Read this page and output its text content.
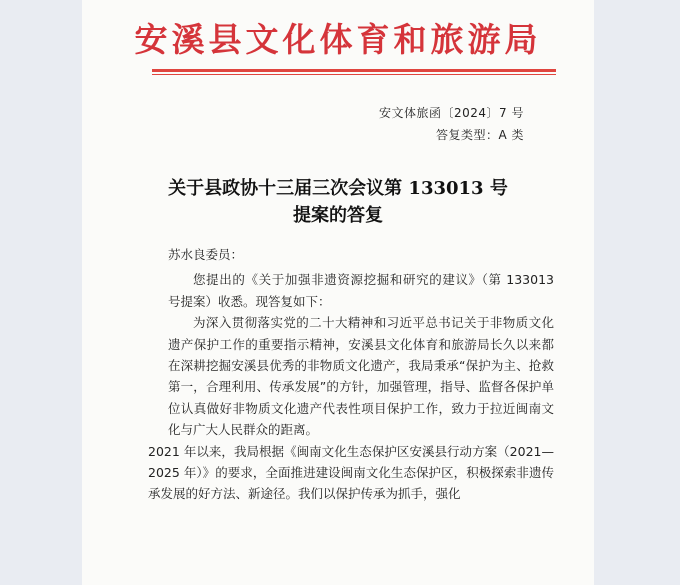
安溪县文化体育和旅游局
安文体旅函〔2024〕7 号
答复类型：A 类
关于县政协十三届三次会议第 133013 号
提案的答复

苏水良委员：

您提出的《关于加强非遗资源挖掘和研究的建议》（第 133013 号提案）收悉。现答复如下：

为深入贯彻落实党的二十大精神和习近平总书记关于非物质文化遗产保护工作的重要指示精神，安溪县文化体育和旅游局长久以来都在深耕挖掘安溪县优秀的非物质文化遗产，我局秉承“保护为主、抢救第一，合理利用、传承发展”的方针，加强管理，指导、监督各保护单位认真做好非物质文化遗产代表性项目保护工作，致力于拉近闽南文化与广大人民群众的距离。

2021 年以来，我局根据《闽南文化生态保护区安溪县行动方案（2021—2025 年）》的要求，全面推进建设闽南文化生态保护区，积极探索非遗传承发展的好方法、新途径。我们以保护传承为抓手，强化
